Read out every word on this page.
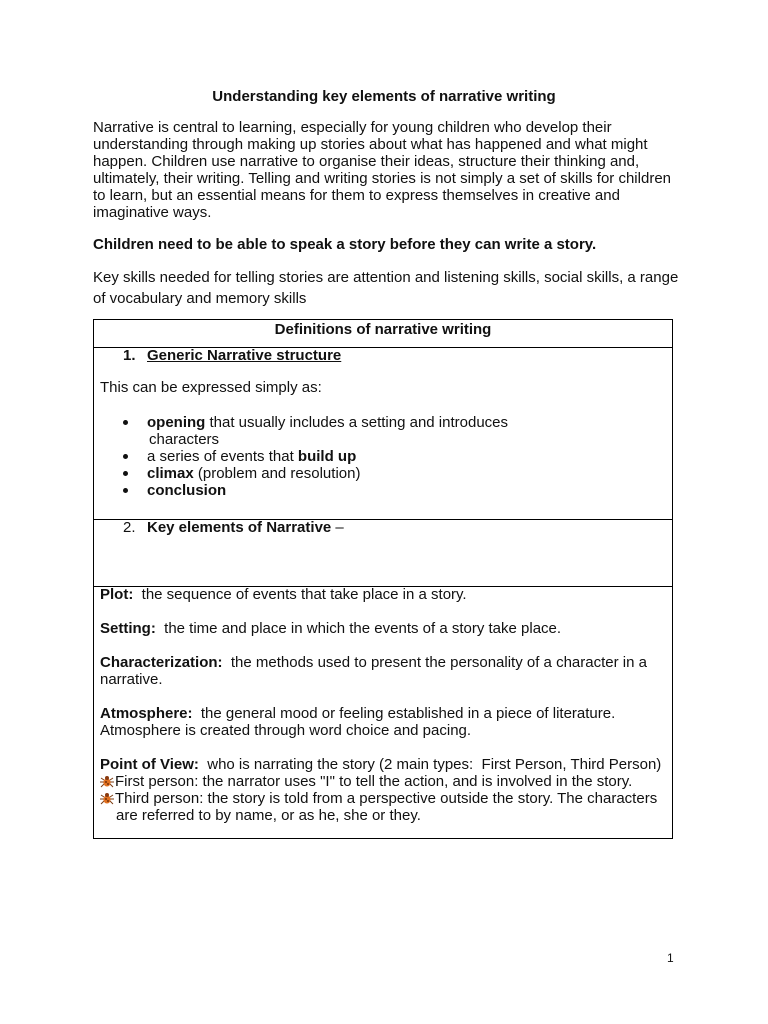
Understanding key elements of narrative writing
Narrative is central to learning, especially for young children who develop their understanding through making up stories about what has happened and what might happen. Children use narrative to organise their ideas, structure their thinking and, ultimately, their writing. Telling and writing stories is not simply a set of skills for children to learn, but an essential means for them to express themselves in creative and imaginative ways.
Children need to be able to speak a story before they can write a story.
Key skills needed for telling stories are attention and listening skills, social skills, a range of vocabulary and memory skills
Definitions of narrative writing
1. Generic Narrative structure
This can be expressed simply as:
opening that usually includes a setting and introduces
characters
a series of events that build up
climax (problem and resolution)
conclusion
2. Key elements of Narrative –

Plot:  the sequence of events that take place in a story.

Setting:  the time and place in which the events of a story take place.

Characterization:  the methods used to present the personality of a character in a narrative.

Atmosphere:  the general mood or feeling established in a piece of literature. Atmosphere is created through word choice and pacing.

Point of View:  who is narrating the story (2 main types:  First Person, Third Person)

First person: the narrator uses "I" to tell the action, and is involved in the story.

Third person: the story is told from a perspective outside the story. The characters are referred to by name, or as he, she or they.

1
